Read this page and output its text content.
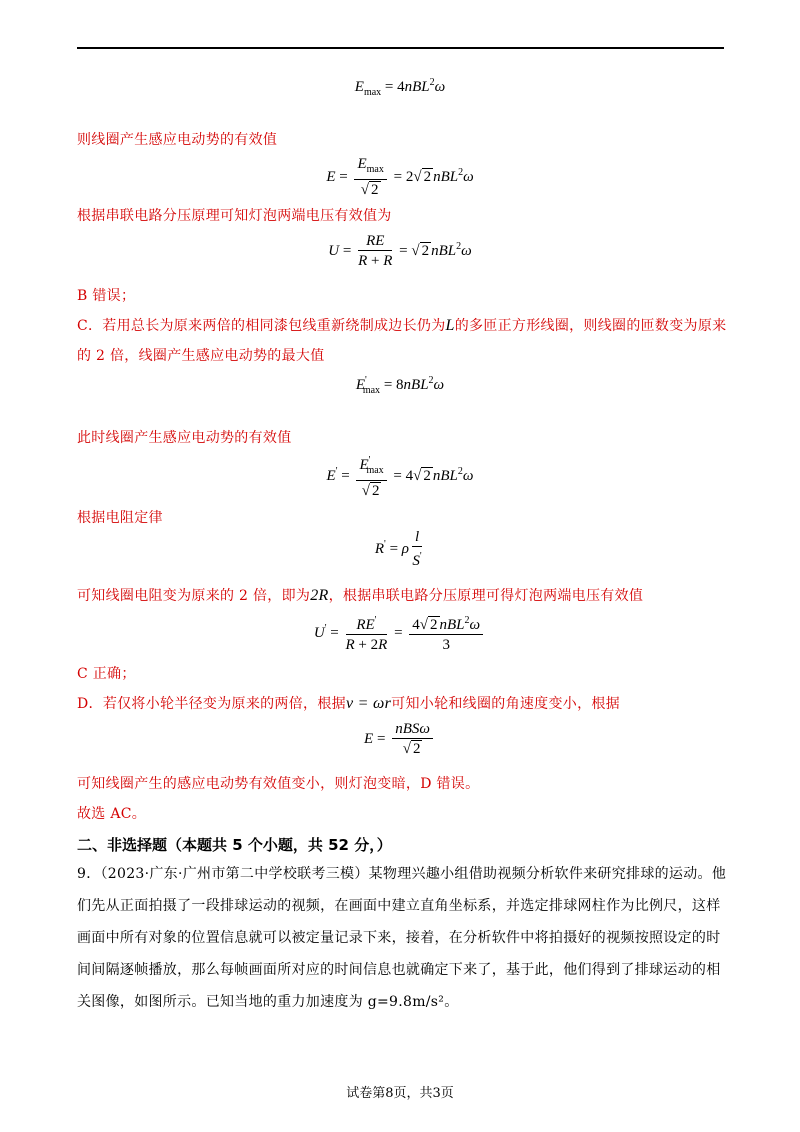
$E_{max} = 4nBL^2\omega$
则线圈产生感应电动势的有效值
$E = \frac{E_{max}}{√ 2} = 2√$ 2 nBL$^2$ω
根据串联电路分压原理可知灯泡两端电压有效值为
$U = \frac{RE}{R + R}$ = √ 2 nBL$^2$ω
B 错误；
C．若用总长为原来两倍的相同漆包线重新绕制成边长仍为L的多匝正方形线圈，则线圈的匝数变为原来
的 2 倍，线圈产生感应电动势的最大值
$E'_{max} = 8nBL^2\omega$
此时线圈产生感应电动势的有效值
$E' = \frac{E'_{max}}{√ 2} = 4√$ 2 nBL$^2$ω
根据电阻定律
R' = ρ $\frac{l}{S'}$
可知线圈电阻变为原来的 2 倍，即为2R，根据串联电路分压原理可得灯泡两端电压有效值
$U' = \frac{RE'}{R + 2R} = \frac{4√ 2 nBL^2\omega}{3}$
C 正确；
D．若仅将小轮半径变为原来的两倍，根据v = ωr可知小轮和线圈的角速度变小，根据
$E = \frac{\text{nBSω}}{√ 2}$
可知线圈产生的感应电动势有效值变小，则灯泡变暗，D 错误。
故选 AC。
二、非选择题（本题共 5 个小题，共 52 分，）
9．（2023·广东·广州市第二中学校联考三模）某物理兴趣小组借助视频分析软件来研究排球的运动。他
们先从正面拍摄了一段排球运动的视频，在画面中建立直角坐标系，并选定排球网柱作为比例尺，这样
画面中所有对象的位置信息就可以被定量记录下来，接着，在分析软件中将拍摄好的视频按照设定的时
间间隔逐帧播放，那么每帧画面所对应的时间信息也就确定下来了，基于此，他们得到了排球运动的相
关图像，如图所示。已知当地的重力加速度为 g=9.8m/s²。
试卷第8页，共3页
